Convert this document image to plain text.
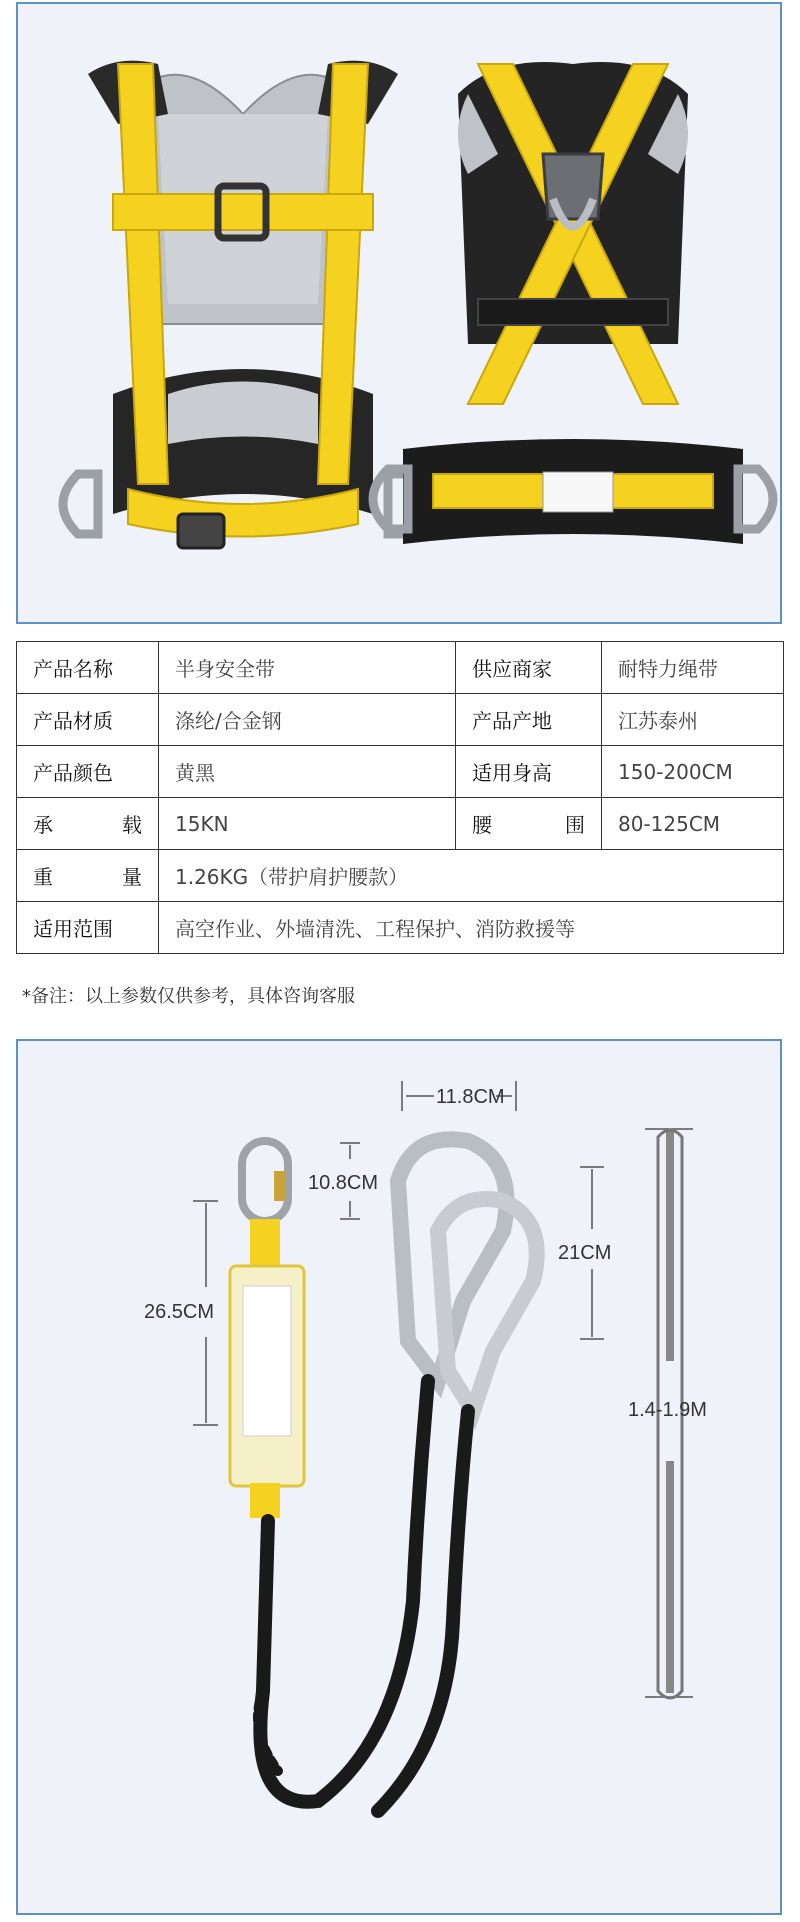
产品名称	半身安全带	供应商家	耐特力绳带
产品材质	涤纶/合金钢	产品产地	江苏泰州
产品颜色	黄黑	适用身高	150-200CM

承 载	15KN	腰 围	80-125CM

重 量	1.26KG（带护肩护腰款）		
适用范围	高空作业、外墙清洗、工程保护、消防救援等		
*备注：以上参数仅供参考，具体咨询客服
11.8CM
10.8CM
21CM
26.5CM
1.4-1.9M
